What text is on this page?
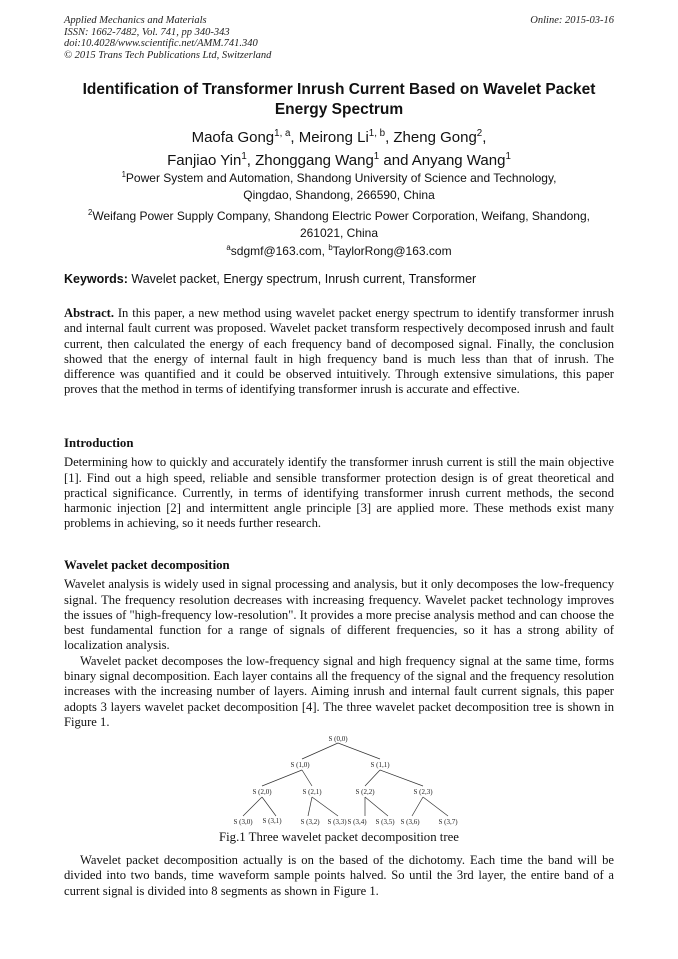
Applied Mechanics and Materials
ISSN: 1662-7482, Vol. 741, pp 340-343
doi:10.4028/www.scientific.net/AMM.741.340
© 2015 Trans Tech Publications Ltd, Switzerland
Online: 2015-03-16
Identification of Transformer Inrush Current Based on Wavelet Packet Energy Spectrum
Maofa Gong$^{1, a}$, Meirong Li$^{1, b}$, Zheng Gong$^2$,
Fanjiao Yin$^1$, Zhonggang Wang$^1$ and Anyang Wang$^1$
$^1$Power System and Automation, Shandong University of Science and Technology, Qingdao, Shandong, 266590, China
$^2$Weifang Power Supply Company, Shandong Electric Power Corporation, Weifang, Shandong, 261021, China
$^a$sdgmf@163.com, $^b$TaylorRong@163.com
Keywords: Wavelet packet, Energy spectrum, Inrush current, Transformer
Abstract. In this paper, a new method using wavelet packet energy spectrum to identify transformer inrush and internal fault current was proposed. Wavelet packet transform respectively decomposed inrush and fault current, then calculated the energy of each frequency band of decomposed signal. Finally, the conclusion showed that the energy of internal fault in high frequency band is much less than that of inrush. The difference was quantified and it could be observed intuitively. Through extensive simulations, this paper proves that the method in terms of identifying transformer inrush is accurate and effective.
Introduction

Determining how to quickly and accurately identify the transformer inrush current is still the main objective [1]. Find out a high speed, reliable and sensible transformer protection design is of great theoretical and practical significance. Currently, in terms of identifying transformer inrush current methods, the second harmonic injection [2] and intermittent angle principle [3] are applied more. These methods exist many problems in achieving, so it needs further research.

Wavelet packet decomposition

Wavelet analysis is widely used in signal processing and analysis, but it only decomposes the low-frequency signal. The frequency resolution decreases with increasing frequency. Wavelet packet technology improves the issues of "high-frequency low-resolution". It provides a more precise analysis method and can choose the best fundamental function for a range of signals of different frequencies, so it has a strong ability of localization analysis.

Wavelet packet decomposes the low-frequency signal and high frequency signal at the same time, forms binary signal decomposition. Each layer contains all the frequency of the signal and the frequency resolution increases with the increasing number of layers. Aiming inrush and internal fault current signals, this paper adopts 3 layers wavelet packet decomposition [4]. The three wavelet packet decomposition tree is shown in Figure 1.

S (0,0)
S (1,0)	S (1,1)
S (2,0)	S (2,1)	S (2,2)	S (2,3)
S (3,0) S (3,1)	S (3,2) S (3,3) S (3,4) S (3,5) S (3,6)	S (3,7)
Fig.1 Three wavelet packet decomposition tree
Wavelet packet decomposition actually is on the based of the dichotomy. Each time the band will be divided into two bands, time waveform sample points halved. So until the 3rd layer, the entire band of a current signal is divided into 8 segments as shown in Figure 1.
